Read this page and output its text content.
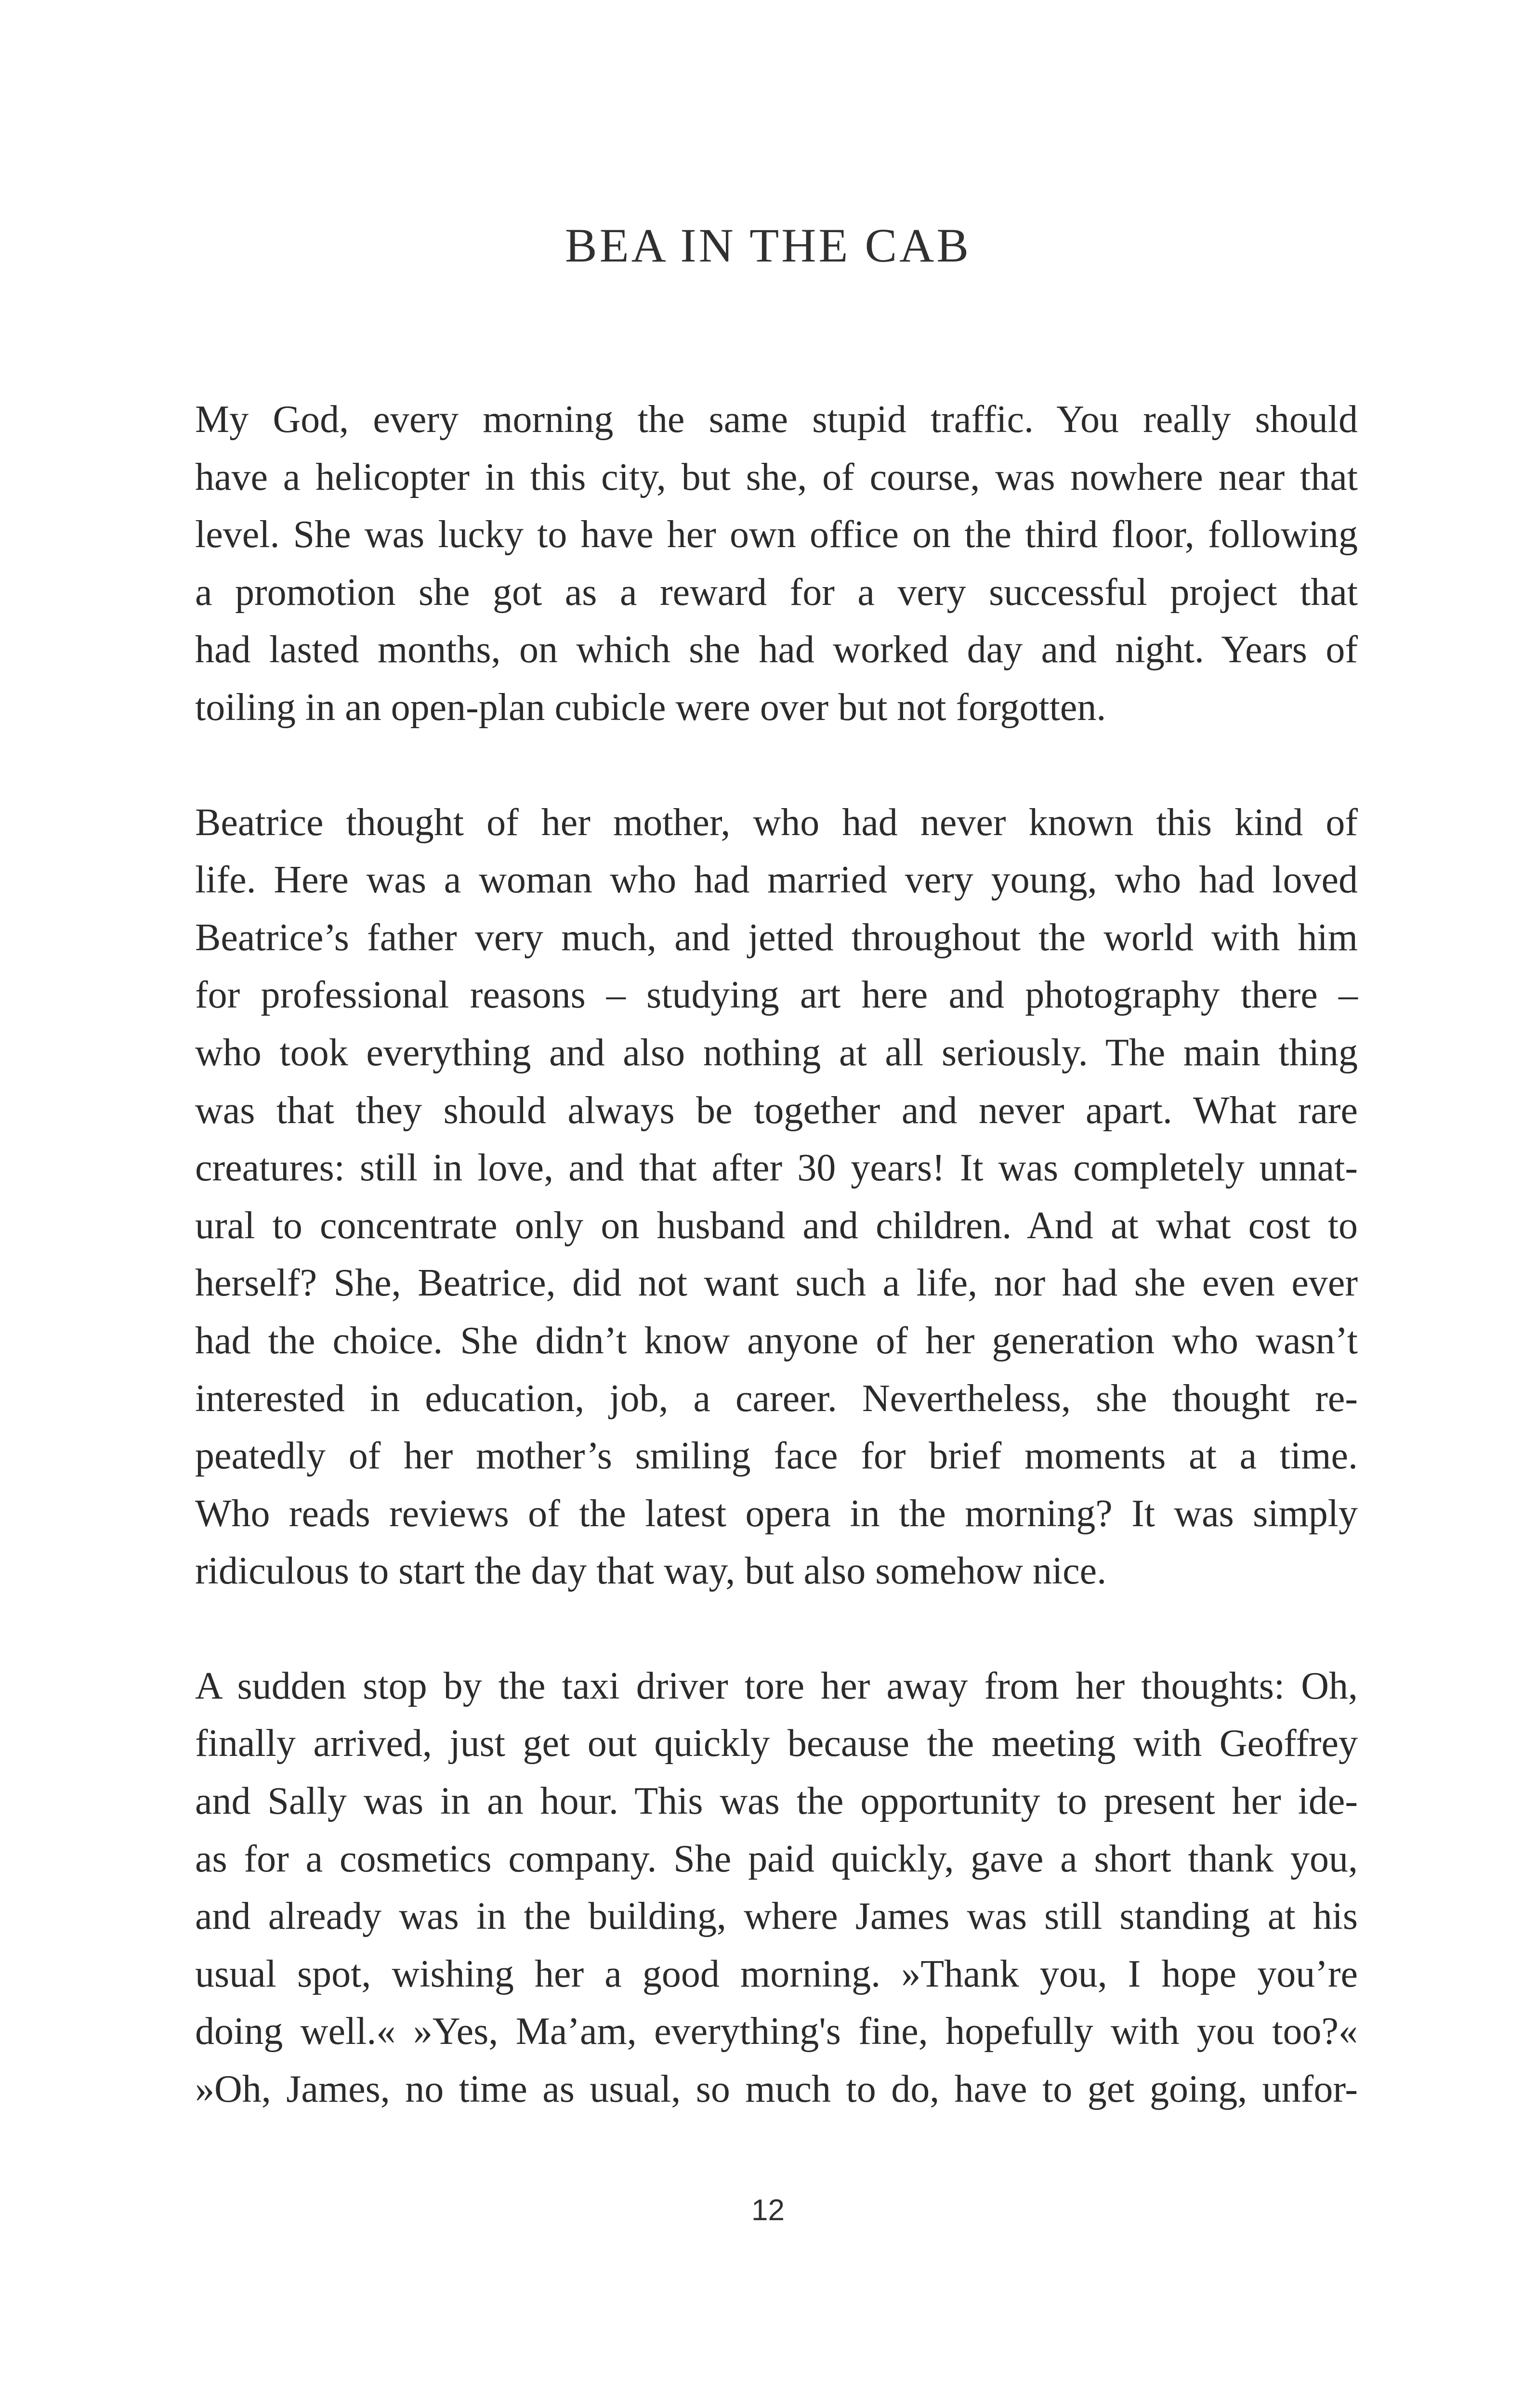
BEA IN THE CAB

My God, every morning the same stupid traffic. You really should
have a helicopter in this city, but she, of course, was nowhere near that
level. She was lucky to have her own office on the third floor, following
a promotion she got as a reward for a very successful project that
had lasted months, on which she had worked day and night. Years of
toiling in an open-plan cubicle were over but not forgotten.

Beatrice thought of her mother, who had never known this kind of
life. Here was a woman who had married very young, who had loved
Beatrice’s father very much, and jetted throughout the world with him
for professional reasons – studying art here and photography there –
who took everything and also nothing at all seriously. The main thing
was that they should always be together and never apart. What rare
creatures: still in love, and that after 30 years! It was completely unnat-
ural to concentrate only on husband and children. And at what cost to
herself? She, Beatrice, did not want such a life, nor had she even ever
had the choice. She didn’t know anyone of her generation who wasn’t
interested in education, job, a career. Nevertheless, she thought re-
peatedly of her mother’s smiling face for brief moments at a time.
Who reads reviews of the latest opera in the morning? It was simply
ridiculous to start the day that way, but also somehow nice.

A sudden stop by the taxi driver tore her away from her thoughts: Oh,
finally arrived, just get out quickly because the meeting with Geoffrey
and Sally was in an hour. This was the opportunity to present her ide-
as for a cosmetics company. She paid quickly, gave a short thank you,
and already was in the building, where James was still standing at his
usual spot, wishing her a good morning. »Thank you, I hope you’re
doing well.« »Yes, Ma’am, everything's fine, hopefully with you too?«
»Oh, James, no time as usual, so much to do, have to get going, unfor-

12
